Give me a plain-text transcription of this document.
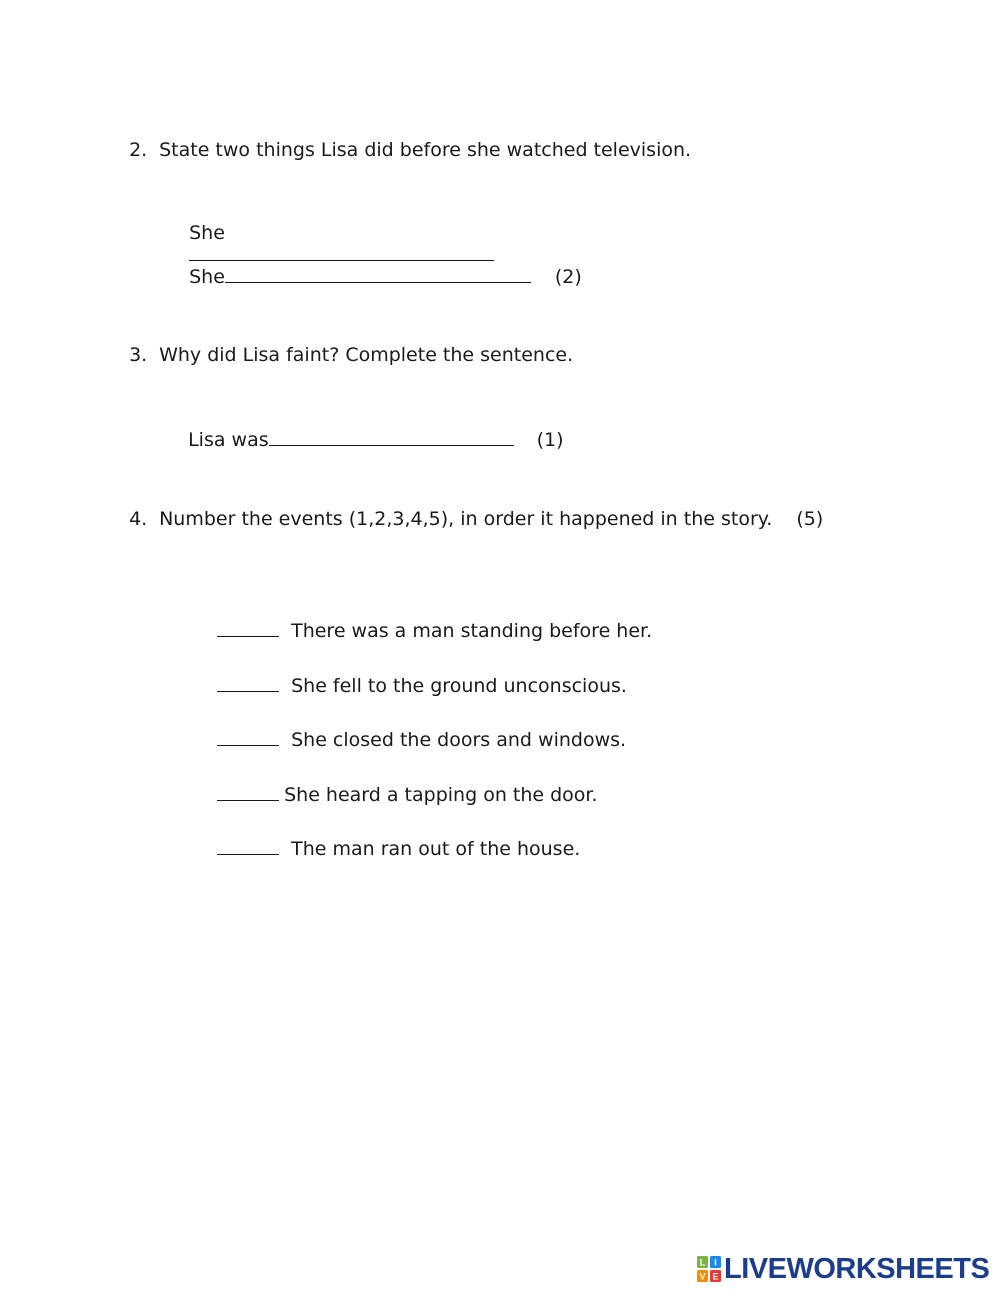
2. State two things Lisa did before she watched television.

She

She	(2)

3. Why did Lisa faint? Complete the sentence.

Lisa was	(1)

4. Number the events (1,2,3,4,5), in order it happened in the story. (5)

There was a man standing before her.

She fell to the ground unconscious.

She closed the doors and windows.

She heard a tapping on the door.

The man ran out of the house.

L I
V E LIVEWORKSHEETS
